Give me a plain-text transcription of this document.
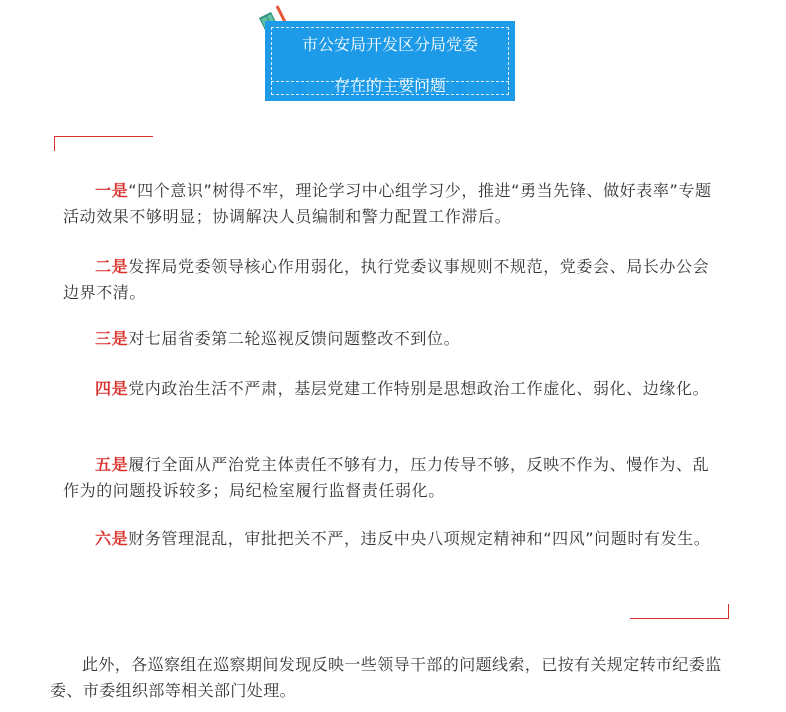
市公安局开发区分局党委
存在的主要问题
一是“四个意识”树得不牢，理论学习中心组学习少，推进“勇当先锋、做好表率”专题活动效果不够明显；协调解决人员编制和警力配置工作滞后。
二是发挥局党委领导核心作用弱化，执行党委议事规则不规范，党委会、局长办公会边界不清。
三是对七届省委第二轮巡视反馈问题整改不到位。
四是党内政治生活不严肃，基层党建工作特别是思想政治工作虚化、弱化、边缘化。
五是履行全面从严治党主体责任不够有力，压力传导不够，反映不作为、慢作为、乱作为的问题投诉较多；局纪检室履行监督责任弱化。
六是财务管理混乱，审批把关不严，违反中央八项规定精神和“四风”问题时有发生。
此外，各巡察组在巡察期间发现反映一些领导干部的问题线索，已按有关规定转市纪委监委、市委组织部等相关部门处理。
